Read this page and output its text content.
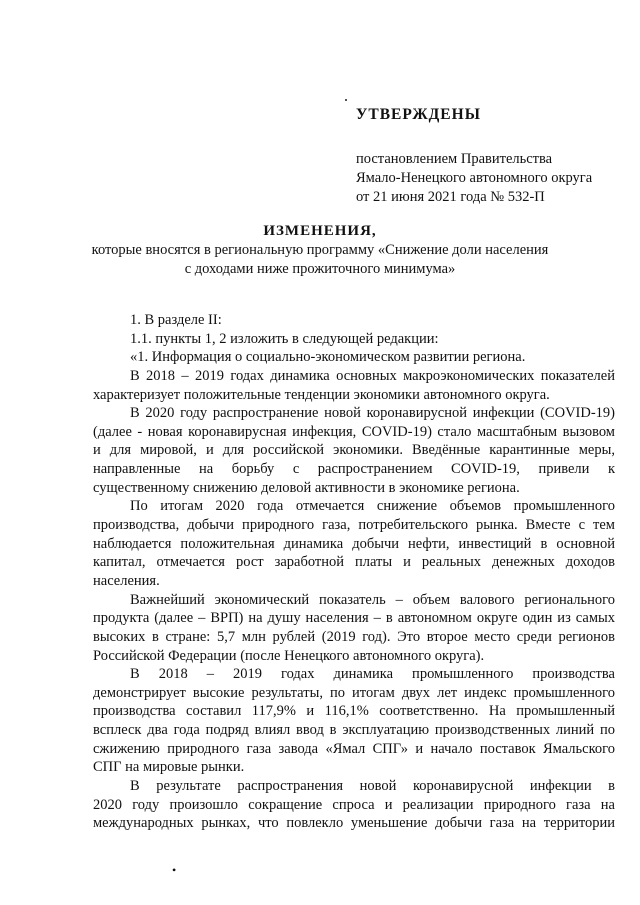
УТВЕРЖДЕНЫ
постановлением Правительства
Ямало-Ненецкого автономного округа
от 21 июня 2021 года № 532-П
ИЗМЕНЕНИЯ,
которые вносятся в региональную программу «Снижение доли населения
с доходами ниже прожиточного минимума»
1. В разделе II:
1.1. пункты 1, 2 изложить в следующей редакции:
«1. Информация о социально-экономическом развитии региона.
В 2018 – 2019 годах динамика основных макроэкономических показателей
характеризует положительные тенденции экономики автономного округа.
В 2020 году распространение новой коронавирусной инфекции (COVID-19)
(далее - новая коронавирусная инфекция, COVID-19) стало масштабным вызовом
и для мировой, и для российской экономики. Введённые карантинные меры,
направленные на борьбу с распространением COVID-19, привели к
существенному снижению деловой активности в экономике региона.
По итогам 2020 года отмечается снижение объемов промышленного
производства, добычи природного газа, потребительского рынка. Вместе с тем
наблюдается положительная динамика добычи нефти, инвестиций в основной
капитал, отмечается рост заработной платы и реальных денежных доходов
населения.
Важнейший экономический показатель – объем валового регионального
продукта (далее – ВРП) на душу населения – в автономном округе один из самых
высоких в стране: 5,7 млн рублей (2019 год). Это второе место среди регионов
Российской Федерации (после Ненецкого автономного округа).
В 2018 – 2019 годах динамика промышленного производства
демонстрирует высокие результаты, по итогам двух лет индекс промышленного
производства составил 117,9% и 116,1% соответственно. На промышленный
всплеск два года подряд влиял ввод в эксплуатацию производственных линий по
сжижению природного газа завода «Ямал СПГ» и начало поставок Ямальского
СПГ на мировые рынки.
В результате распространения новой коронавирусной инфекции в
2020 году произошло сокращение спроса и реализации природного газа на
международных рынках, что повлекло уменьшение добычи газа на территории
•
